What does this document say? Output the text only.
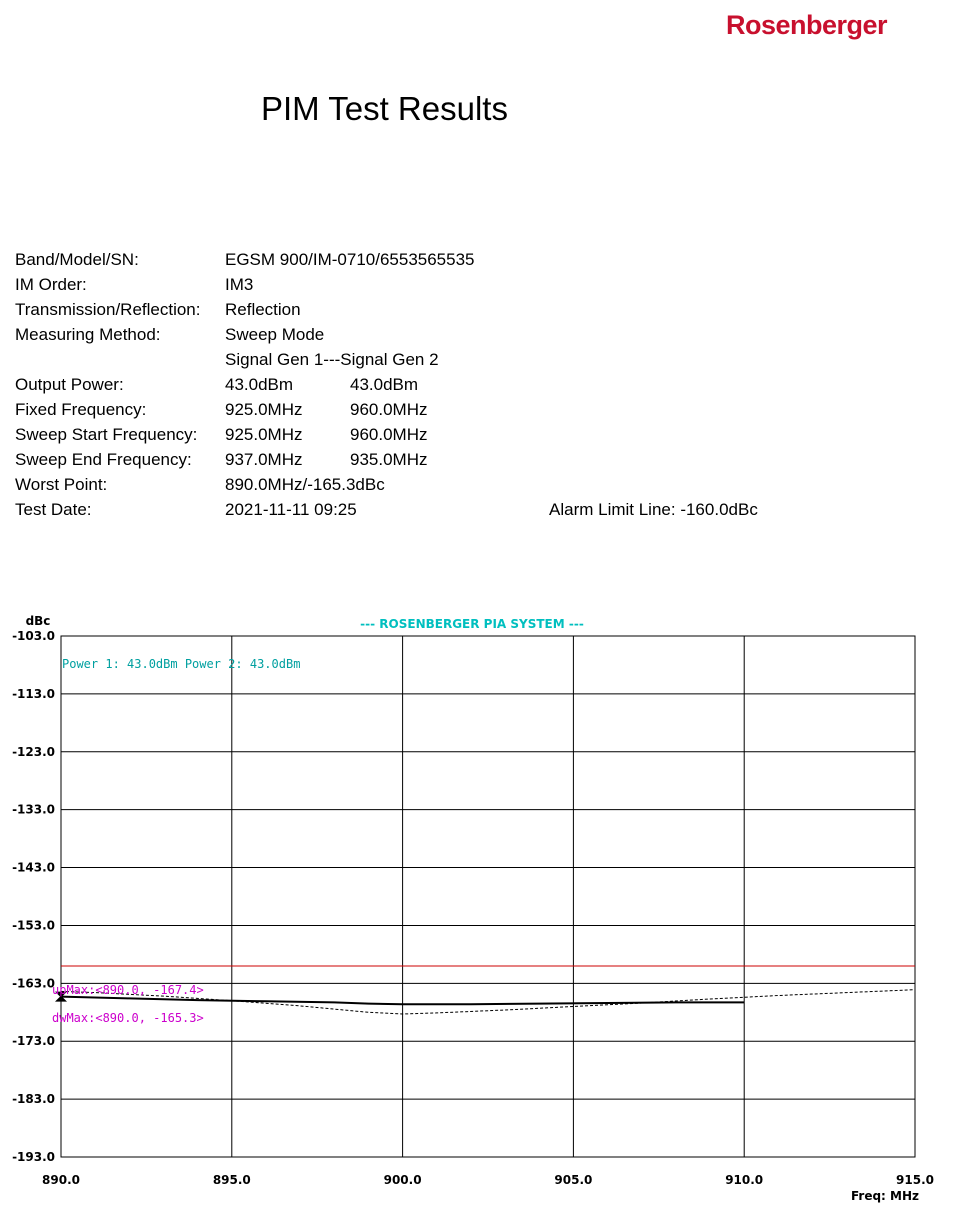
Rosenberger
PIM Test Results
Band/Model/SN:	EGSM 900/IM-0710/6553565535
IM Order:	IM3
Transmission/Reflection: Reflection
Measuring Method:	Sweep Mode
Signal Gen 1---Signal Gen 2
Output Power:	43.0dBm	43.0dBm
Fixed Frequency:	925.0MHz	960.0MHz
Sweep Start Frequency: 925.0MHz	960.0MHz
Sweep End Frequency: 937.0MHz	935.0MHz
Worst Point:	890.0MHz/-165.3dBc
Test Date:	2021-11-11 09:25	Alarm Limit Line: -160.0dBc
-103.0
-113.0
-123.0
-133.0
-143.0
-153.0
-163.0
-173.0
-183.0
-193.0
890.0	895.0	900.0	905.0	910.0	915.0
dBc
Freq: MHz
--- ROSENBERGER PIA SYSTEM ---
Power 1: 43.0dBm Power 2: 43.0dBm
upMax:<890.0, -167.4>
dwMax:<890.0, -165.3>
